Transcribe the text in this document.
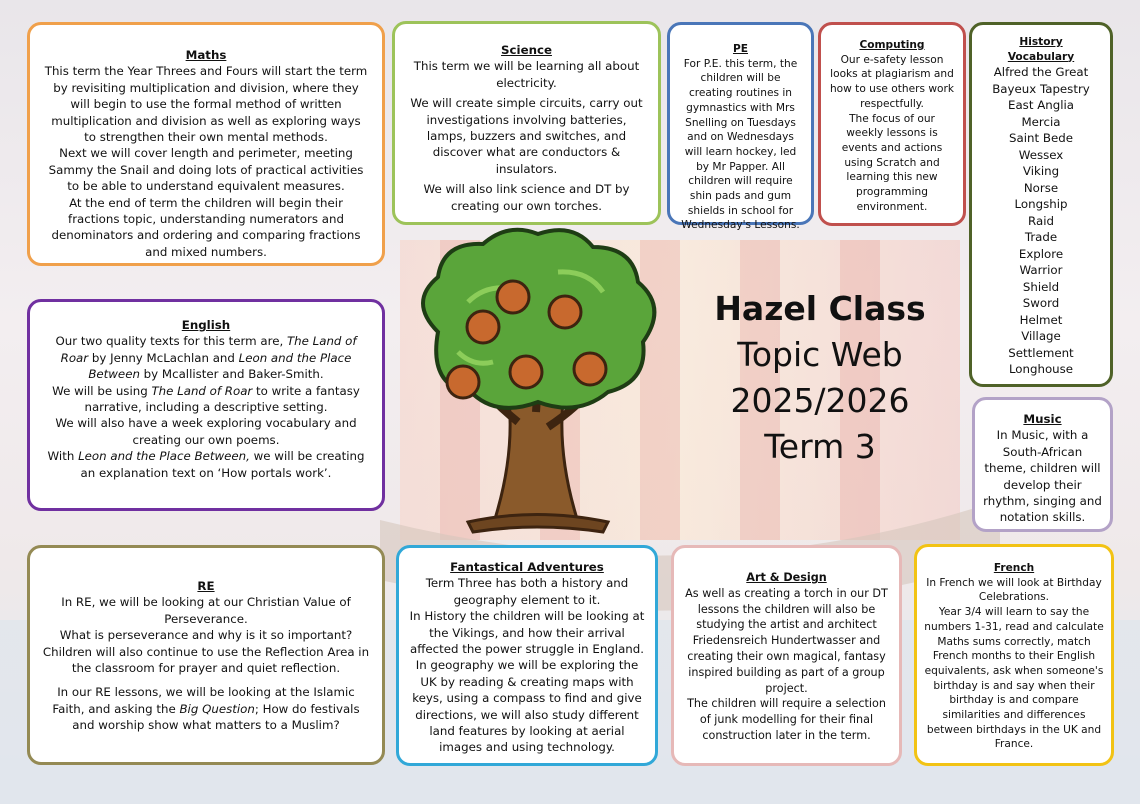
Maths

This term the Year Threes and Fours will start the term by revisiting multiplication and division, where they will begin to use the formal method of written multiplication and division as well as exploring ways to strengthen their own mental methods.

Next we will cover length and perimeter, meeting Sammy the Snail and doing lots of practical activities to be able to understand equivalent measures.

At the end of term the children will begin their fractions topic, understanding numerators and denominators and ordering and comparing fractions and mixed numbers.

Science

This term we will be learning all about electricity.

We will create simple circuits, carry out investigations involving batteries, lamps, buzzers and switches, and discover what are conductors & insulators.

We will also link science and DT by creating our own torches.

PE

For P.E. this term, the children will be creating routines in gymnastics with Mrs Snelling on Tuesdays and on Wednesdays will learn hockey, led by Mr Papper. All children will require shin pads and gum shields in school for Wednesday's Lessons.

Computing

Our e-safety lesson looks at plagiarism and how to use others work respectfully.

The focus of our weekly lessons is events and actions using Scratch and learning this new programming environment.

History
Vocabulary
Alfred the Great
Bayeux Tapestry
East Anglia
Mercia
Saint Bede
Wessex
Viking
Norse
Longship
Raid
Trade
Explore
Warrior
Shield
Sword
Helmet
Village
Settlement
Longhouse
English

Our two quality texts for this term are, The Land of Roar by Jenny McLachlan and Leon and the Place Between by Mcallister and Baker-Smith.

We will be using The Land of Roar to write a fantasy narrative, including a descriptive setting.

We will also have a week exploring vocabulary and creating our own poems.

With Leon and the Place Between, we will be creating an explanation text on ‘How portals work’.

Hazel Class
Topic Web
2025/2026
Term 3
Music

In Music, with a South-African theme, children will develop their rhythm, singing and notation skills.

RE

In RE, we will be looking at our Christian Value of Perseverance.

What is perseverance and why is it so important?

Children will also continue to use the Reflection Area in the classroom for prayer and quiet reflection.

In our RE lessons, we will be looking at the Islamic Faith, and asking the Big Question; How do festivals and worship show what matters to a Muslim?

Fantastical Adventures

Term Three has both a history and geography element to it.

In History the children will be looking at the Vikings, and how their arrival affected the power struggle in England.

In geography we will be exploring the UK by reading & creating maps with keys, using a compass to find and give directions, we will also study different land features by looking at aerial images and using technology.

Art & Design

As well as creating a torch in our DT lessons the children will also be studying the artist and architect Friedensreich Hundertwasser and creating their own magical, fantasy inspired building as part of a group project.

The children will require a selection of junk modelling for their final construction later in the term.

French

In French we will look at Birthday Celebrations.

Year 3/4 will learn to say the numbers 1-31, read and calculate Maths sums correctly, match French months to their English equivalents, ask when someone's birthday is and say when their birthday is and compare similarities and differences between birthdays in the UK and France.
